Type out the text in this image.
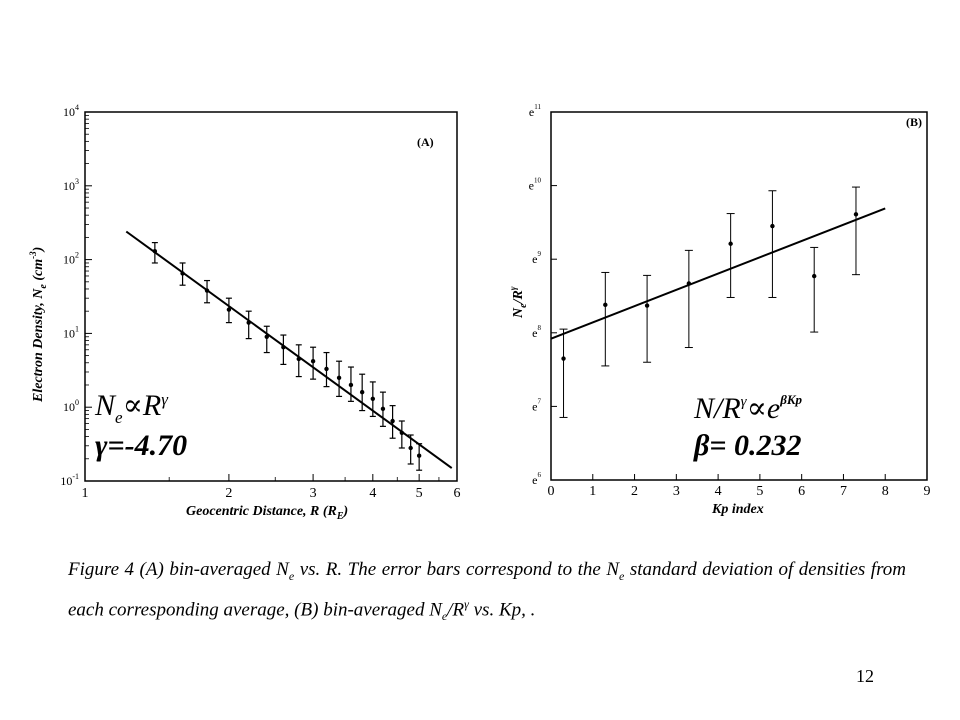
(A)
$10^{-1}$
$10^0$
$10^1$
$10^2$
$10^3$
$10^4$
1	2	3	4	5 6
Electron Density, $N_e$ $(cm^{-3})$
Geocentric Distance, R $(R_E)$
$N_e\propto R^\gamma$
γ=-4.70
(B)
$e^6$
$e^7$
$e^8$
$e^9$
$e^{10}$
$e^{11}$
0 1 2 3 4 5 6 7 8 9
$N_e/R^\gamma$
Kp index
$N/R^\gamma\propto e^{\beta Kp}$
β= 0.232
Figure 4 (A) bin-averaged $N_e$ vs. R. The error bars correspond to the $N_e$ standard deviation of densities from each corresponding average, (B) bin-averaged $N_e/R^\gamma$ vs. Kp, .
12
